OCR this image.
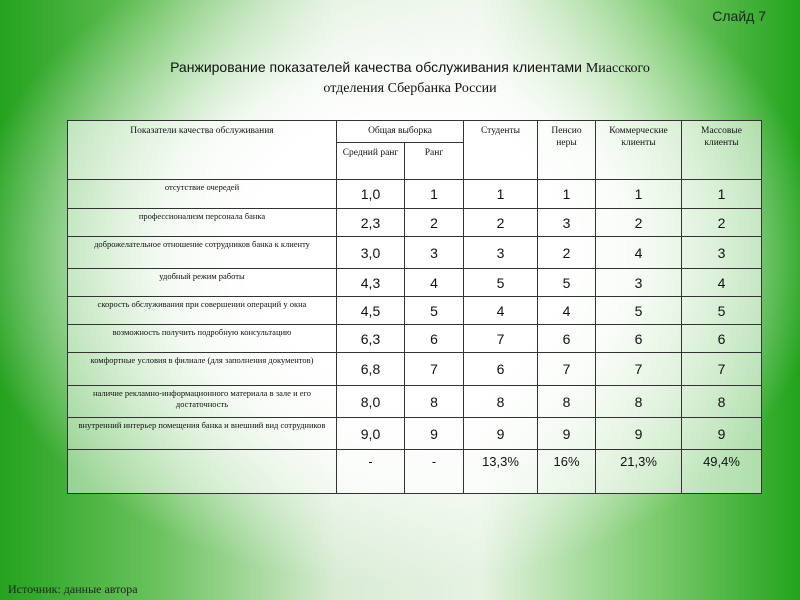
Слайд 7
Ранжирование показателей качества обслуживания клиентами Миасского
отделения Сбербанка России
Показатели качества обслуживания	Общая выборка		Студенты	Пенсио неры	Коммерческие клиенты	Массовые клиенты
	Средний ранг	Ранг				
отсутствие очередей	1,0	1	1	1	1	1
профессионализм персонала банка	2,3	2	2	3	2	2
доброжелательное отношение сотрудников банка к клиенту	3,0	3	3	2	4	3
удобный режим работы	4,3	4	5	5	3	4
скорость обслуживания при совершении операций у окна	4,5	5	4	4	5	5
возможность получить подробную консультацию	6,3	6	7	6	6	6
комфортные условия в филиале (для заполнения документов)	6,8	7	6	7	7	7
наличие рекламно-информационного материала в зале и его достаточность	8,0	8	8	8	8	8
внутренний интерьер помещения банка и внешний вид сотрудников	9,0	9	9	9	9	9
	-	-	13,3%	16%	21,3%	49,4%
Источник: данные автора
